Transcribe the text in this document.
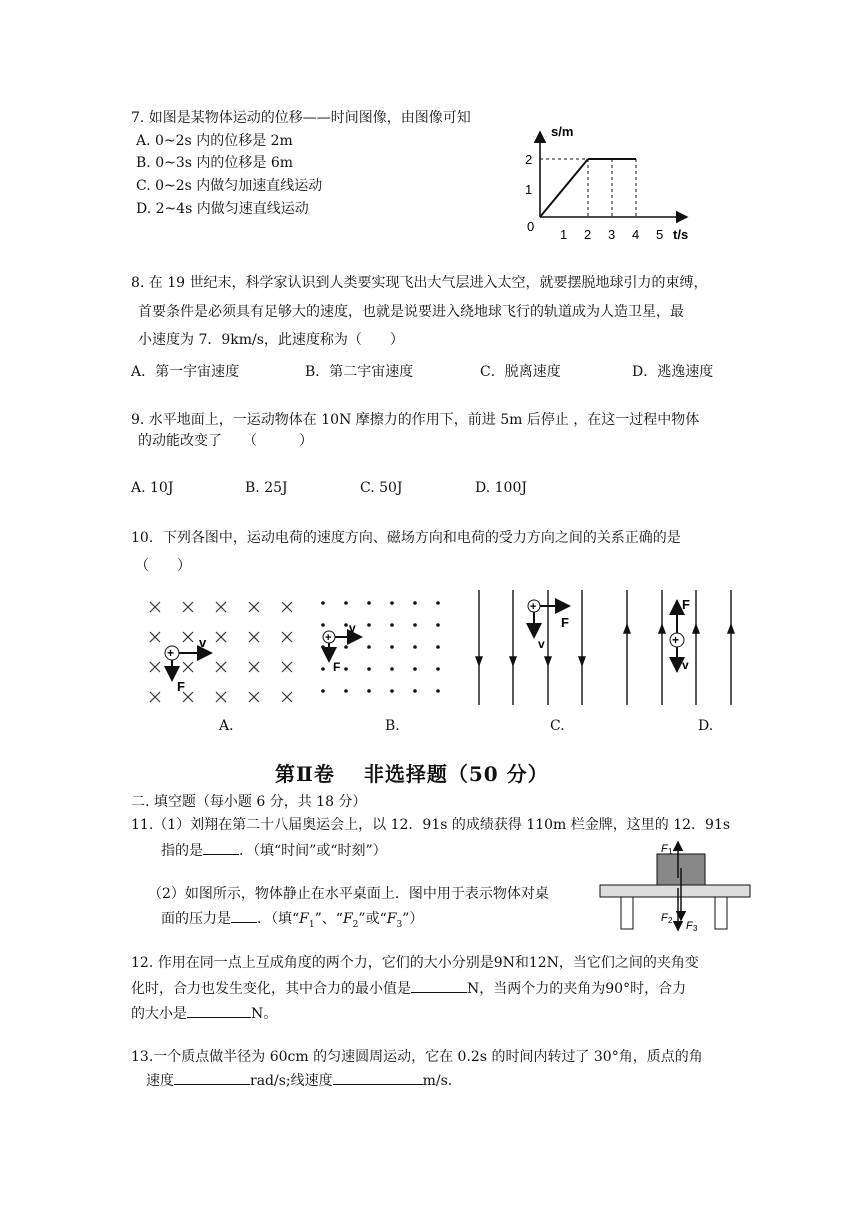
7. 如图是某物体运动的位移——时间图像，由图像可知
A. 0~2s 内的位移是 2m
B. 0~3s 内的位移是 6m
C. 0~2s 内做匀加速直线运动
D. 2~4s 内做匀速直线运动
s/m
t/s
0
2
1
1 2 3 4 5
8. 在 19 世纪末，科学家认识到人类要实现飞出大气层进入太空，就要摆脱地球引力的束缚，
首要条件是必须具有足够大的速度，也就是说要进入绕地球飞行的轨道成为人造卫星，最
小速度为 7．9km/s，此速度称为（　　）
A．第一宇宙速度	B．第二宇宙速度	C．脱离速度	D．逃逸速度
9. 水平地面上，一运动物体在 10N 摩擦力的作用下，前进 5m 后停止 ，在这一过程中物体
的动能改变了　　（　　　）
A. 10J	B. 25J	C. 50J	D. 100J
10．下列各图中，运动电荷的速度方向、磁场方向和电荷的受力方向之间的关系正确的是
（　　）
+
v
F
+
v
F
+
F
v	+
F
v
A.	B.	C.	D.
第Ⅱ卷　 非选择题（50 分）
二. 填空题（每小题 6 分，共 18 分）
11.（1）刘翔在第二十八届奥运会上，以 12．91s 的成绩获得 110m 栏金牌，这里的 12．91s
指的是	．（填“时间”或“时刻”）
（2）如图所示，物体静止在水平桌面上．图中用于表示物体对桌
面的压力是 ．（填“$F_1$”、“$F_2$”或“$F_3$”）
F 1
F 2 F 3
12. 作用在同一点上互成角度的两个力，它们的大小分别是9N和12N，当它们之间的夹角变
化时，合力也发生变化，其中合力的最小值是	N，当两个力的夹角为90°时，合力
的大小是	N。
13.一个质点做半径为 60cm 的匀速圆周运动，它在 0.2s 的时间内转过了 30°角，质点的角
速度	rad/s;线速度	m/s.
